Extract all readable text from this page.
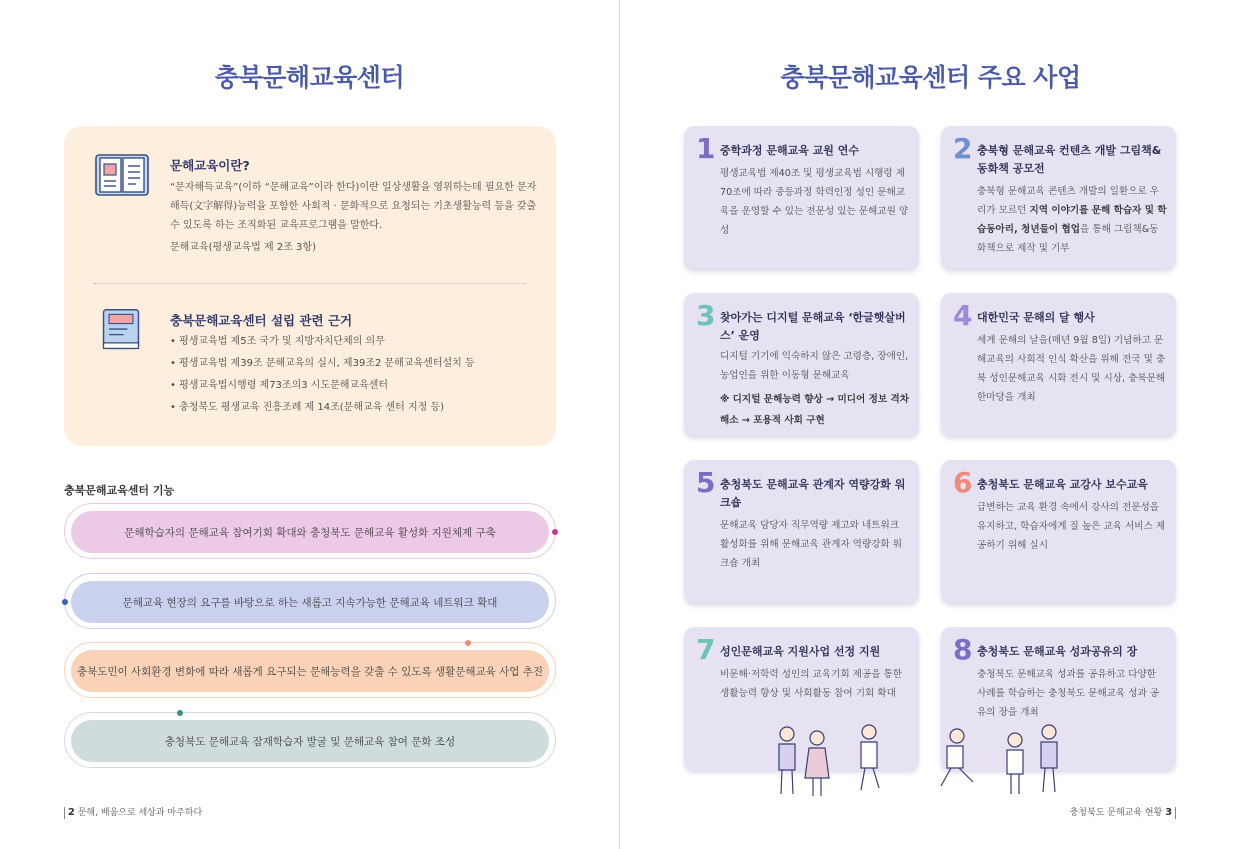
충북문해교육센터
문해교육이란?

“문자해득교육”(이하 “문해교육”이라 한다)이란 일상생활을 영위하는데 필요한 문자해득(文字解得)능력을 포함한 사회적 · 문화적으로 요청되는 기초생활능력 등을 갖출 수 있도록 하는 조직화된 교육프로그램을 말한다.

문해교육(평생교육법 제 2조 3항)

충북문해교육센터 설립 관련 근거
• 평생교육법 제5조 국가 및 지방자치단체의 의무
• 평생교육법 제39조 문해교육의 실시, 제39조2 문해교육센터설치 등
• 평생교육법시행령 제73조의3 시도문해교육센터
• 충청북도 평생교육 진흥조례 제 14조(문해교육 센터 지정 등)
충북문해교육센터 기능
문해학습자의 문해교육 참여기회 확대와 충청북도 문해교육 활성화 지원체제 구축
문해교육 현장의 요구를 바탕으로 하는 새롭고 지속가능한 문해교육 네트워크 확대
충북도민이 사회환경 변화에 따라 새롭게 요구되는 문해능력을 갖출 수 있도록 생활문해교육 사업 추진
충청북도 문해교육 잠재학습자 발굴 및 문해교육 참여 문화 조성
2 문해, 배움으로 세상과 마주하다
충북문해교육센터 주요 사업
1 중학과정 문해교육 교원 연수
평생교육법 제40조 및 평생교육법 시행령 제70조에 따라 중등과정 학력인정 성인 문해교육을 운영할 수 있는 전문성 있는 문해교원 양성
2 충북형 문해교육 컨텐츠 개발 그림책& 동화책 공모전
충북형 문해교육 콘텐츠 개발의 일환으로 우리가 모르던 지역 이야기를 문해 학습자 및 학습동아리, 청년들이 협업을 통해 그림책&동화책으로 제작 및 기부
3 찾아가는 디지털 문해교육 ‘한글햇살버스’ 운영
디지털 기기에 익숙하지 않은 고령층, 장애인, 농업인을 위한 이동형 문해교육
※ 디지털 문해능력 향상 → 미디어 정보 격차 해소 → 포용적 사회 구현
4 대한민국 문해의 달 행사
세계 문해의 날을(매년 9월 8일) 기념하고 문해교육의 사회적 인식 확산을 위해 전국 및 충북 성인문해교육 시화 전시 및 시상, 충북문해한마당을 개최
5 충청북도 문해교육 관계자 역량강화 워크숍
문해교육 담당자 직무역량 제고와 네트워크 활성화를 위해 문해교육 관계자 역량강화 워크숍 개최
6 충청북도 문해교육 교강사 보수교육
급변하는 교육 환경 속에서 강사의 전문성을 유지하고, 학습자에게 질 높은 교육 서비스 제공하기 위해 실시
7 성인문해교육 지원사업 선정 지원
비문해·저학력 성인의 교육기회 제공을 통한 생활능력 향상 및 사회활동 참여 기회 확대
8 충청북도 문해교육 성과공유의 장
충청북도 문해교육 성과를 공유하고 다양한 사례를 학습하는 충청북도 문해교육 성과 공유의 장을 개최
충청북도 문해교육 현황 3
